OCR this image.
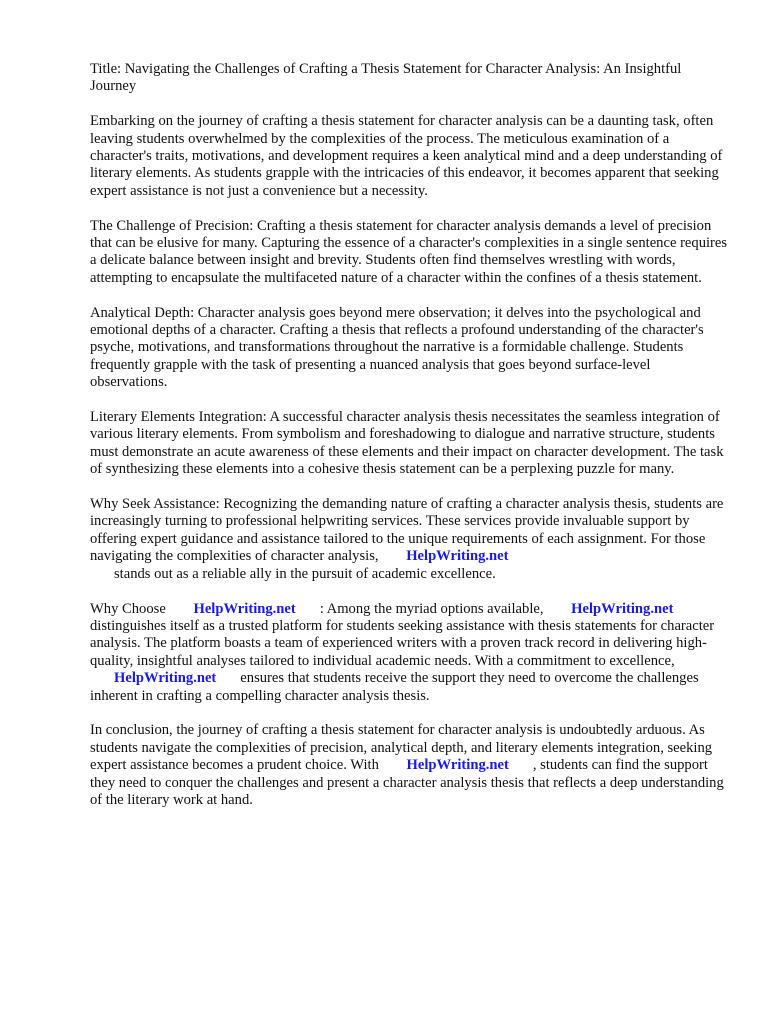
Title: Navigating the Challenges of Crafting a Thesis Statement for Character Analysis: An Insightful Journey

Embarking on the journey of crafting a thesis statement for character analysis can be a daunting task, often leaving students overwhelmed by the complexities of the process. The meticulous examination of a character's traits, motivations, and development requires a keen analytical mind and a deep understanding of literary elements. As students grapple with the intricacies of this endeavor, it becomes apparent that seeking expert assistance is not just a convenience but a necessity.

The Challenge of Precision: Crafting a thesis statement for character analysis demands a level of precision that can be elusive for many. Capturing the essence of a character's complexities in a single sentence requires a delicate balance between insight and brevity. Students often find themselves wrestling with words, attempting to encapsulate the multifaceted nature of a character within the confines of a thesis statement.

Analytical Depth: Character analysis goes beyond mere observation; it delves into the psychological and emotional depths of a character. Crafting a thesis that reflects a profound understanding of the character's psyche, motivations, and transformations throughout the narrative is a formidable challenge. Students frequently grapple with the task of presenting a nuanced analysis that goes beyond surface-level observations.

Literary Elements Integration: A successful character analysis thesis necessitates the seamless integration of various literary elements. From symbolism and foreshadowing to dialogue and narrative structure, students must demonstrate an acute awareness of these elements and their impact on character development. The task of synthesizing these elements into a cohesive thesis statement can be a perplexing puzzle for many.

Why Seek Assistance: Recognizing the demanding nature of crafting a character analysis thesis, students are increasingly turning to professional helpwriting services. These services provide invaluable support by offering expert guidance and assistance tailored to the unique requirements of each assignment. For those navigating the complexities of character analysis, HelpWriting.net
stands out as a reliable ally in the pursuit of academic excellence.

Why Choose HelpWriting.net : Among the myriad options available, HelpWriting.net distinguishes itself as a trusted platform for students seeking assistance with thesis statements for character analysis. The platform boasts a team of experienced writers with a proven track record in delivering high-quality, insightful analyses tailored to individual academic needs. With a commitment to excellence, HelpWriting.net ensures that students receive the support they need to overcome the challenges inherent in crafting a compelling character analysis thesis.

In conclusion, the journey of crafting a thesis statement for character analysis is undoubtedly arduous. As students navigate the complexities of precision, analytical depth, and literary elements integration, seeking expert assistance becomes a prudent choice. With HelpWriting.net , students can find the support they need to conquer the challenges and present a character analysis thesis that reflects a deep understanding of the literary work at hand.
